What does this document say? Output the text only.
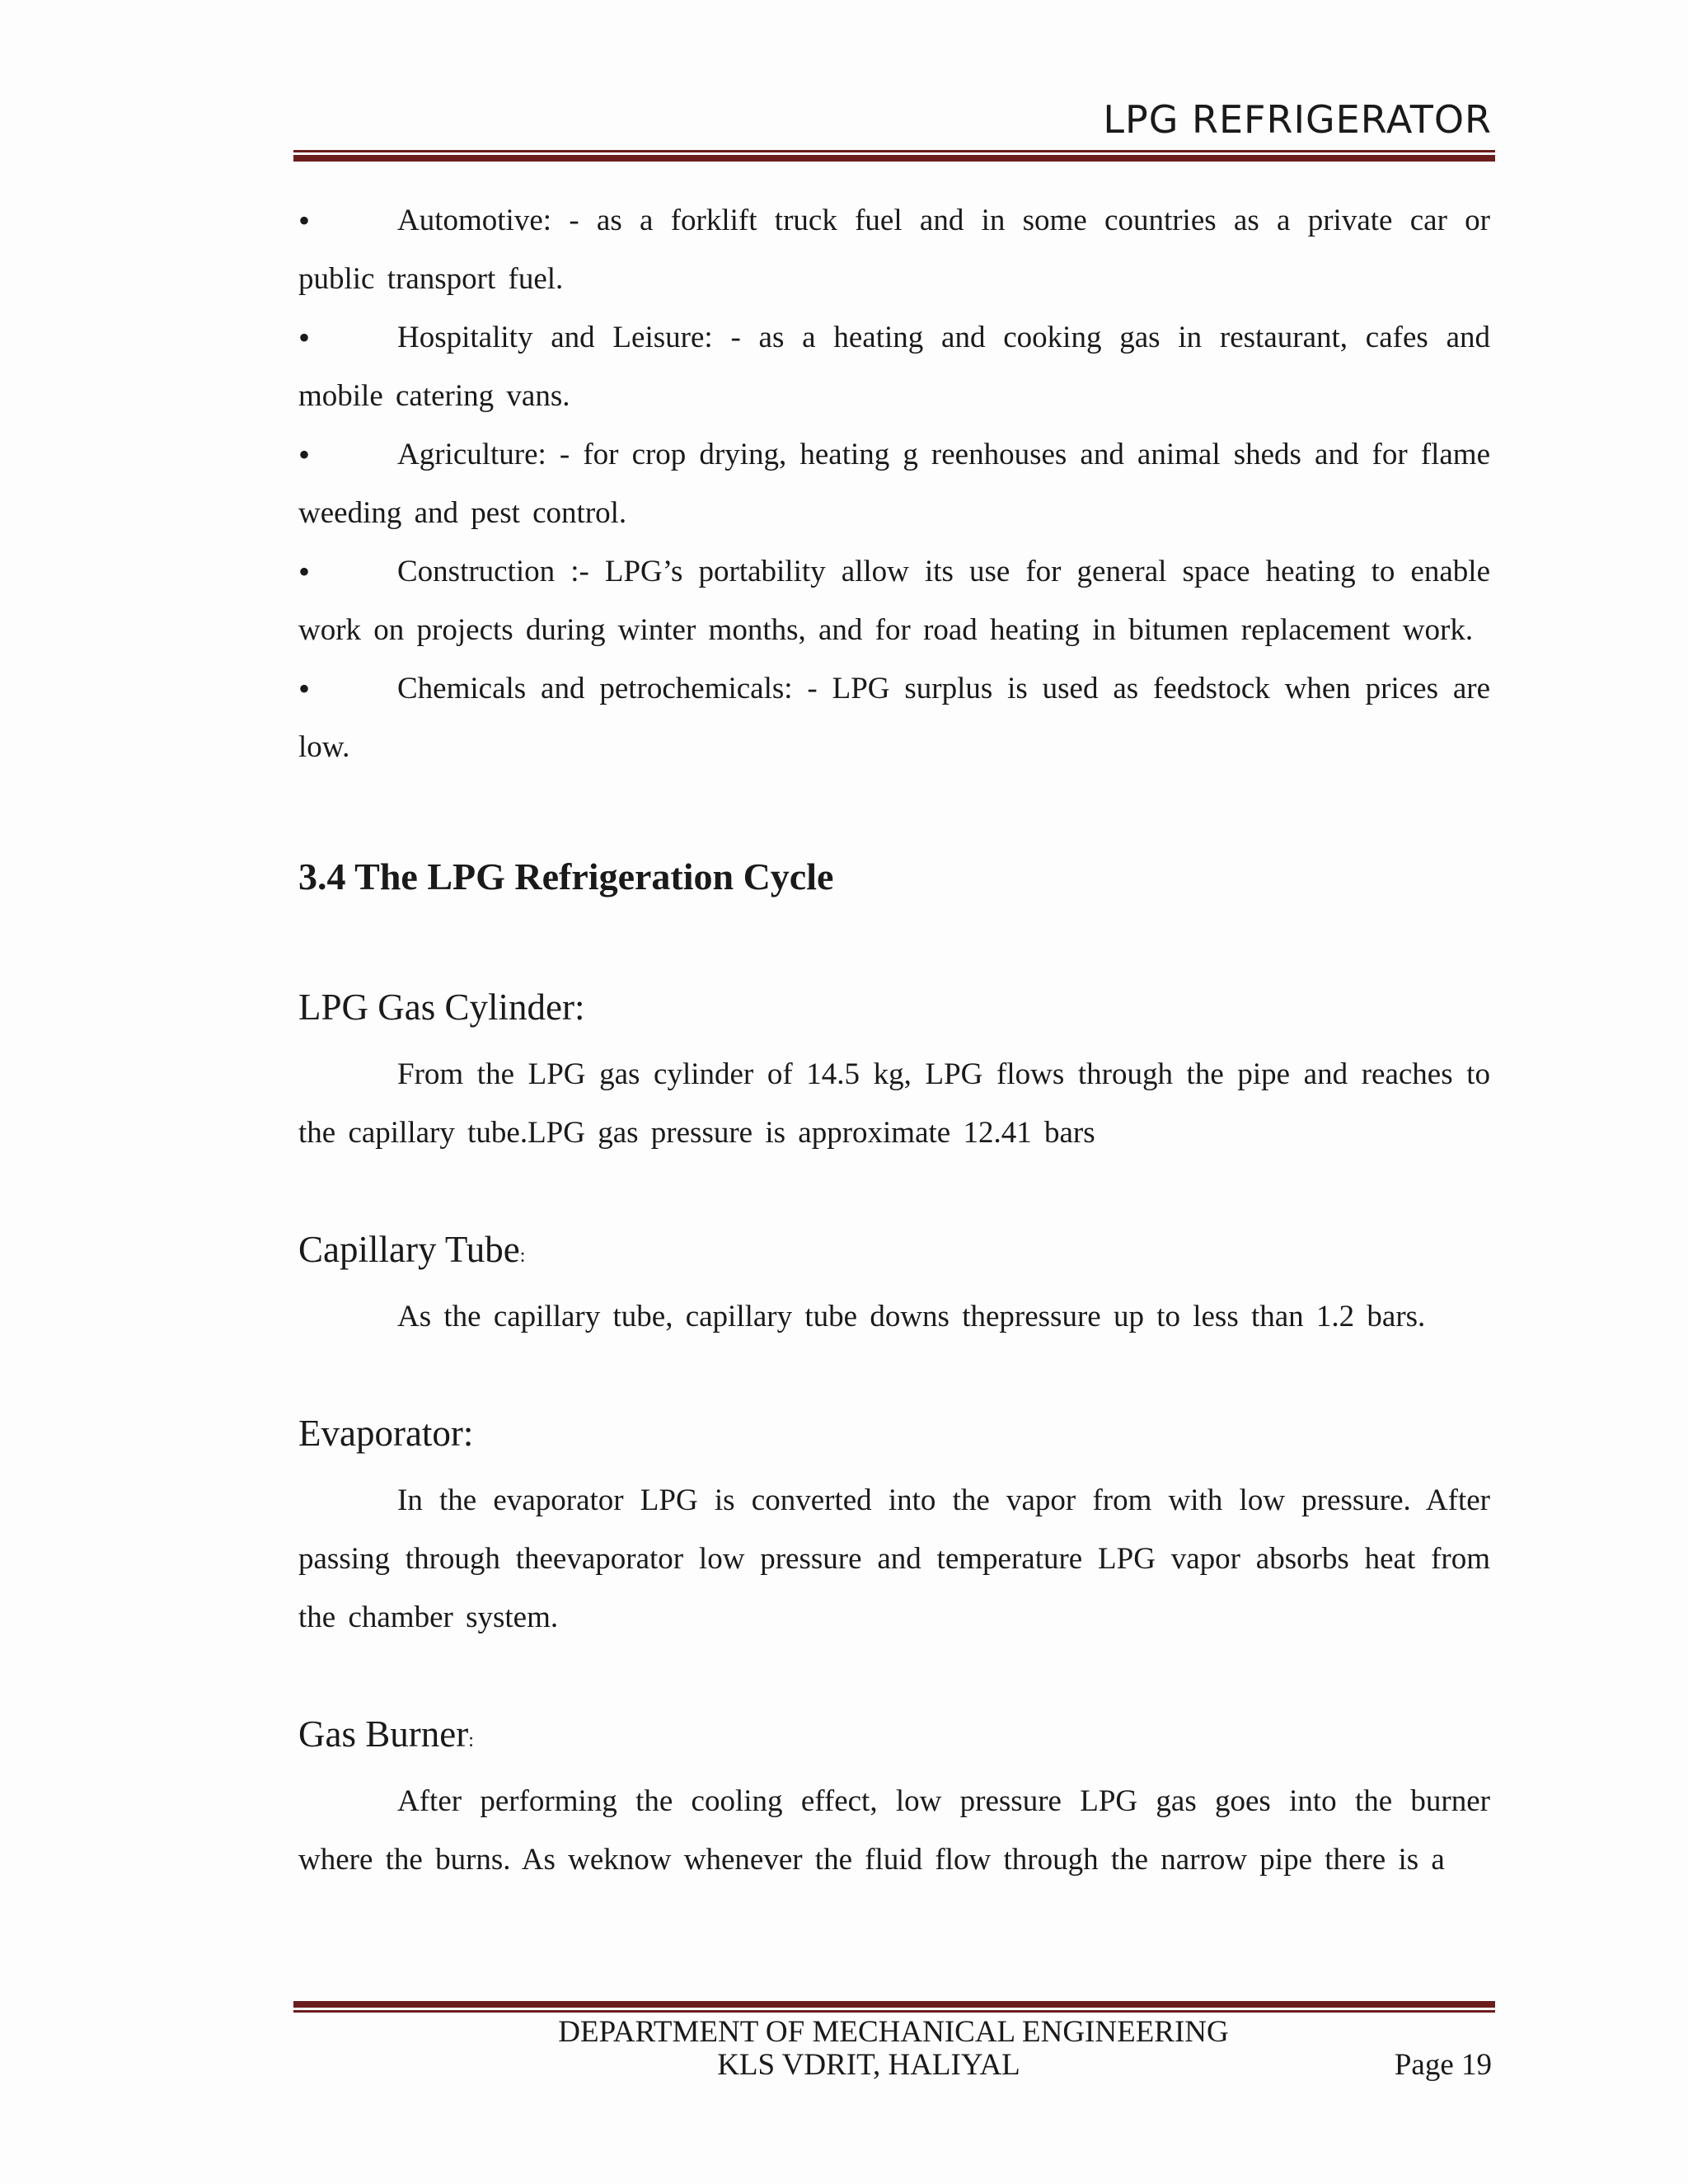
LPG REFRIGERATOR

•	Automotive: - as a forklift truck fuel and in some countries as a private car or public transport fuel.

•	Hospitality and Leisure: - as a heating and cooking gas in restaurant, cafes and mobile catering vans.

•	Agriculture: - for crop drying, heating g reenhouses and animal sheds and for flame weeding and pest control.

•	Construction :- LPG’s portability allow its use for general space heating to enable work on projects during winter months, and for road heating in bitumen replacement work.

•	Chemicals and petrochemicals: - LPG surplus is used as feedstock when prices are low.

3.4 The LPG Refrigeration Cycle
LPG Gas Cylinder:

From the LPG gas cylinder of 14.5 kg, LPG flows through the pipe and reaches to the capillary tube.LPG gas pressure is approximate 12.41 bars

Capillary Tube:

As the capillary tube, capillary tube downs thepressure up to less than 1.2 bars.

Evaporator:

In the evaporator LPG is converted into the vapor from with low pressure. After passing through theevaporator low pressure and temperature LPG vapor absorbs heat from the chamber system.

Gas Burner:

After performing the cooling effect, low pressure LPG gas goes into the burner where the burns. As weknow whenever the fluid flow through the narrow pipe there is a

DEPARTMENT OF MECHANICAL ENGINEERING
KLS VDRIT, HALIYAL	Page 19
